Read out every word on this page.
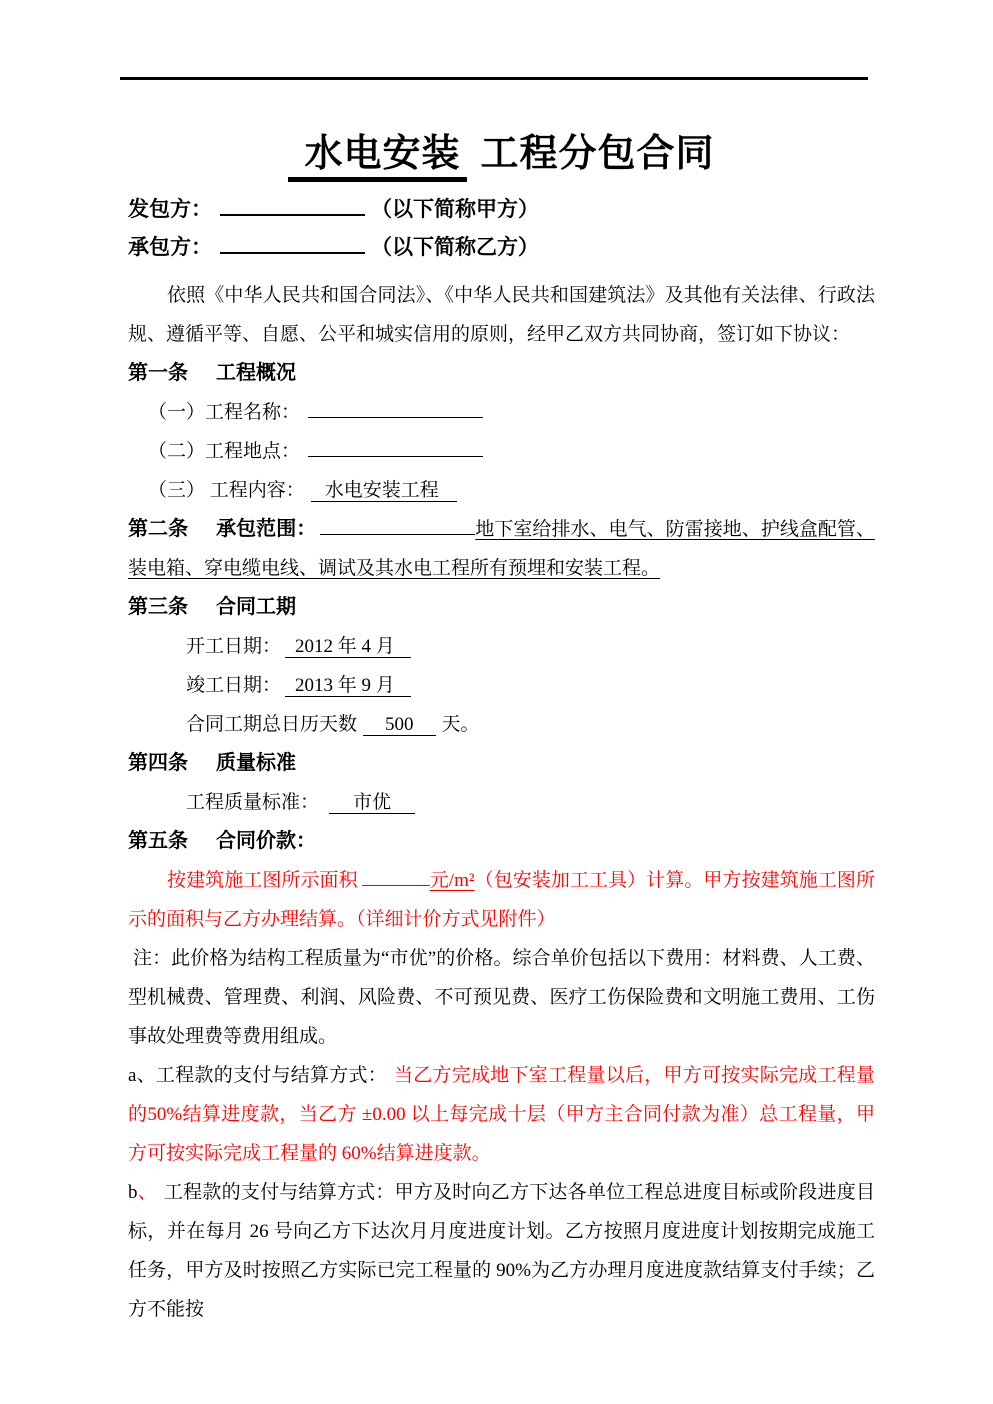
水电安装 工程分包合同

发包方：	（以下简称甲方）

承包方：	（以下简称乙方）

依照《中华人民共和国合同法》、《中华人民共和国建筑法》及其他有关法律、行政法规、遵循平等、自愿、公平和城实信用的原则，经甲乙双方共同协商，签订如下协议：

第一条 工程概况

（一）工程名称：

（二）工程地点：

（三） 工程内容： 水电安装工程

第二条 承包范围：	地下室给排水、电气、防雷接地、护线盒配管、装电箱、穿电缆电线、调试及其水电工程所有预埋和安装工程。

第三条 合同工期

开工日期： 2012 年 4 月

竣工日期： 2013 年 9 月

合同工期总日历天数 500 天。

第四条 质量标准

工程质量标准： 市优

第五条 合同价款：

按建筑施工图所示面积	元/m²（包安装加工工具）计算。甲方按建筑施工图所示的面积与乙方办理结算。（详细计价方式见附件）

注：此价格为结构工程质量为“市优”的价格。综合单价包括以下费用：材料费、人工费、型机械费、管理费、利润、风险费、不可预见费、医疗工伤保险费和文明施工费用、工伤事故处理费等费用组成。

a、工程款的支付与结算方式： 当乙方完成地下室工程量以后，甲方可按实际完成工程量的50%结算进度款，当乙方 ±0.00 以上每完成十层（甲方主合同付款为准）总工程量，甲方可按实际完成工程量的 60%结算进度款。

b、 工程款的支付与结算方式：甲方及时向乙方下达各单位工程总进度目标或阶段进度目标，并在每月 26 号向乙方下达次月月度进度计划。乙方按照月度进度计划按期完成施工任务，甲方及时按照乙方实际已完工程量的 90%为乙方办理月度进度款结算支付手续；乙方不能按
